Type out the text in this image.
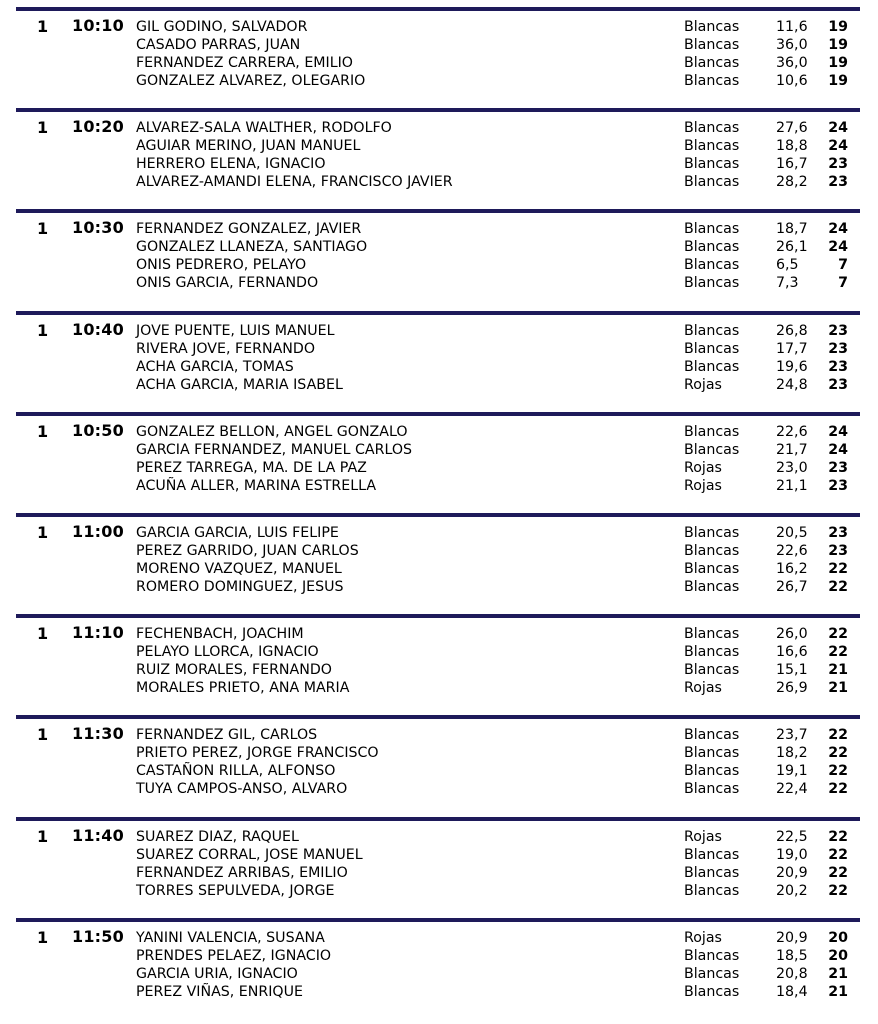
1 10:10 GIL GODINO, SALVADOR	Blancas	11,6	19
CASADO PARRAS, JUAN	Blancas	36,0	19
FERNANDEZ CARRERA, EMILIO	Blancas	36,0	19
GONZALEZ ALVAREZ, OLEGARIO	Blancas	10,6	19
1 10:20 ALVAREZ-SALA WALTHER, RODOLFO	Blancas	27,6	24
AGUIAR MERINO, JUAN MANUEL	Blancas	18,8	24
HERRERO ELENA, IGNACIO	Blancas	16,7	23
ALVAREZ-AMANDI ELENA, FRANCISCO JAVIER	Blancas	28,2	23
1 10:30 FERNANDEZ GONZALEZ, JAVIER	Blancas	18,7	24
GONZALEZ LLANEZA, SANTIAGO	Blancas	26,1	24
ONIS PEDRERO, PELAYO	Blancas	6,5	7
ONIS GARCIA, FERNANDO	Blancas	7,3	7
1 10:40 JOVE PUENTE, LUIS MANUEL	Blancas	26,8	23
RIVERA JOVE, FERNANDO	Blancas	17,7	23
ACHA GARCIA, TOMAS	Blancas	19,6	23
ACHA GARCIA, MARIA ISABEL	Rojas	24,8	23
1 10:50 GONZALEZ BELLON, ANGEL GONZALO	Blancas	22,6	24
GARCIA FERNANDEZ, MANUEL CARLOS	Blancas	21,7	24
PEREZ TARREGA, MA. DE LA PAZ	Rojas	23,0	23
ACUÑA ALLER, MARINA ESTRELLA	Rojas	21,1	23
1 11:00 GARCIA GARCIA, LUIS FELIPE	Blancas	20,5	23
PEREZ GARRIDO, JUAN CARLOS	Blancas	22,6	23
MORENO VAZQUEZ, MANUEL	Blancas	16,2	22
ROMERO DOMINGUEZ, JESUS	Blancas	26,7	22
1 11:10 FECHENBACH, JOACHIM	Blancas	26,0	22
PELAYO LLORCA, IGNACIO	Blancas	16,6	22
RUIZ MORALES, FERNANDO	Blancas	15,1	21
MORALES PRIETO, ANA MARIA	Rojas	26,9	21
1 11:30 FERNANDEZ GIL, CARLOS	Blancas	23,7	22
PRIETO PEREZ, JORGE FRANCISCO	Blancas	18,2	22
CASTAÑON RILLA, ALFONSO	Blancas	19,1	22
TUYA CAMPOS-ANSO, ALVARO	Blancas	22,4	22
1 11:40 SUAREZ DIAZ, RAQUEL	Rojas	22,5	22
SUAREZ CORRAL, JOSE MANUEL	Blancas	19,0	22
FERNANDEZ ARRIBAS, EMILIO	Blancas	20,9	22
TORRES SEPULVEDA, JORGE	Blancas	20,2	22
1 11:50 YANINI VALENCIA, SUSANA	Rojas	20,9	20
PRENDES PELAEZ, IGNACIO	Blancas	18,5	20
GARCIA URIA, IGNACIO	Blancas	20,8	21
PEREZ VIÑAS, ENRIQUE	Blancas	18,4	21
